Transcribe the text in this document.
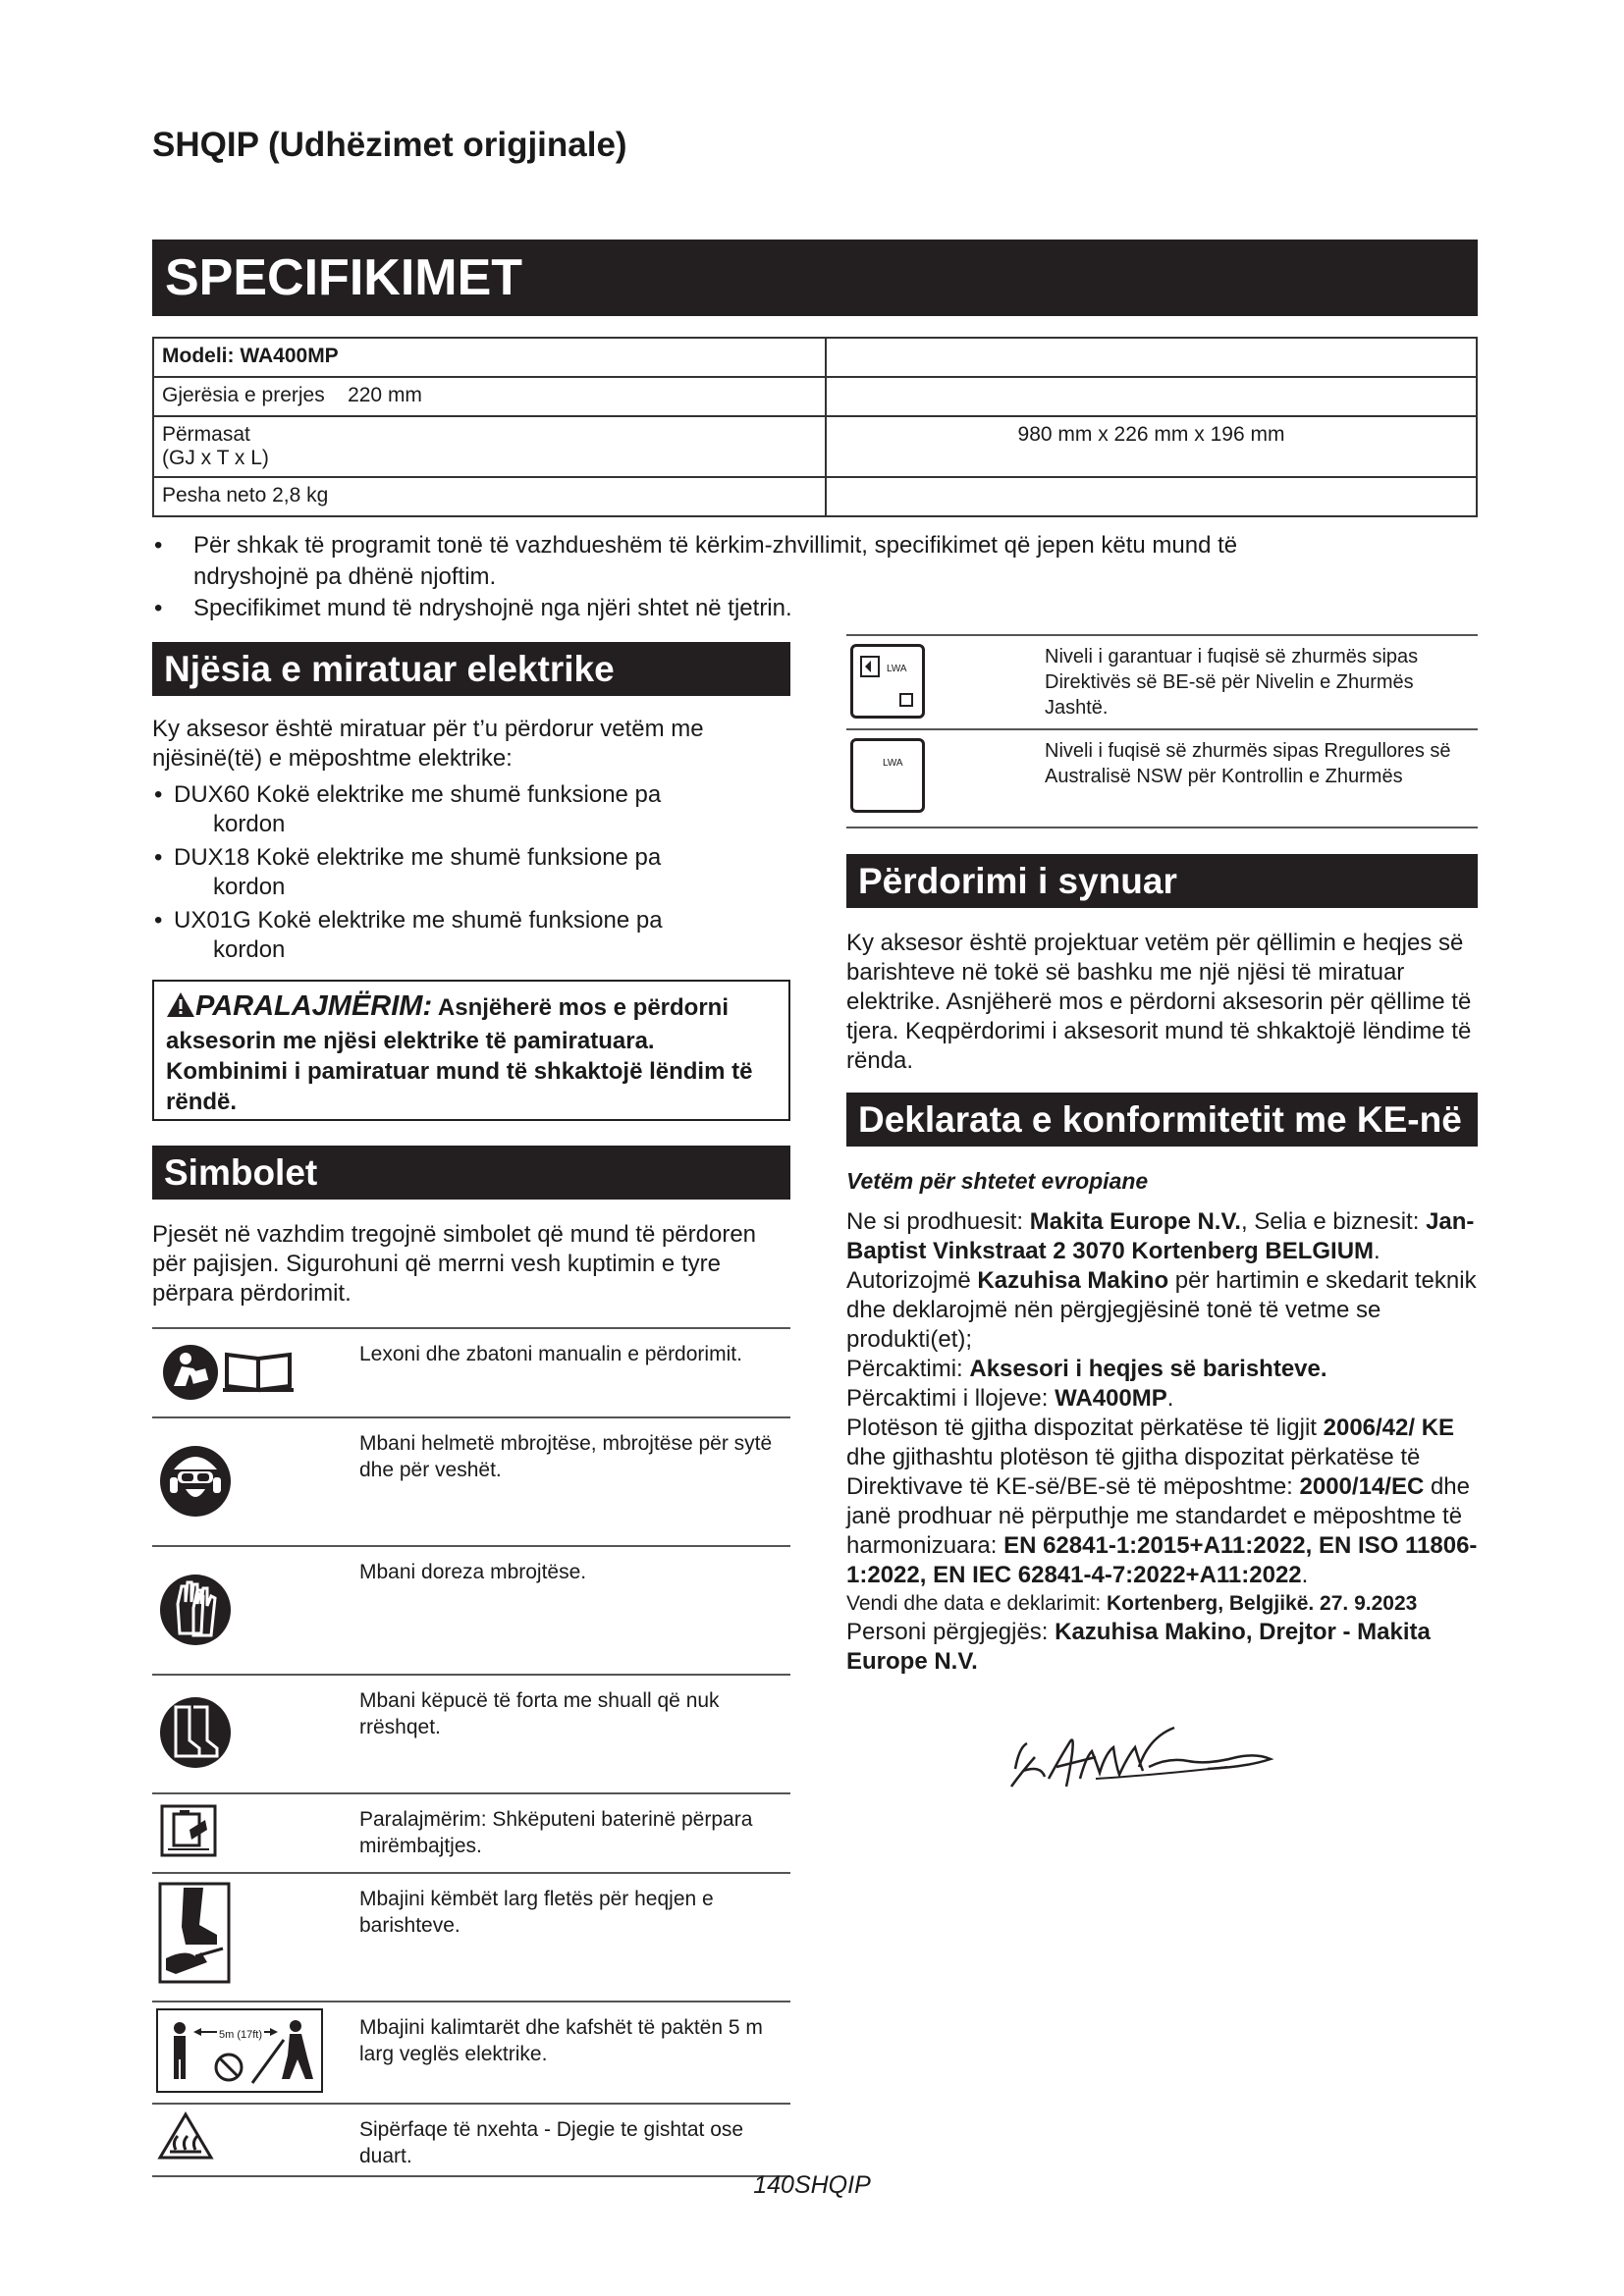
SHQIP (Udhëzimet origjinale)
SPECIFIKIMET
Modeli: WA400MP	
Gjerësia e prerjes    220 mm	

Përmasat
(GJ x T x L)	980 mm x 226 mm x 196 mm
Pesha neto 2,8 kg	
• Për shkak të programit tonë të vazhdueshëm të kërkim-zhvillimit, specifikimet që jepen këtu mund të
ndryshojnë pa dhënë njoftim.
• Specifikimet mund të ndryshojnë nga njëri shtet në tjetrin.
Njësia e miratuar elektrike
Ky aksesor është miratuar për t’u përdorur vetëm me njësinë(të) e mëposhtme elektrike:
• DUX60 Kokë elektrike me shumë funksione pa
kordon
• DUX18 Kokë elektrike me shumë funksione pa
kordon
• UX01G Kokë elektrike me shumë funksione pa
kordon
PARALAJMËRIM: Asnjëherë mos e përdorni aksesorin me njësi elektrike të pamiratuara. Kombinimi i pamiratuar mund të shkaktojë lëndim të rëndë.
Simbolet
Pjesët në vazhdim tregojnë simbolet që mund të përdoren për pajisjen. Sigurohuni që merrni vesh kuptimin e tyre përpara përdorimit.
	Lexoni dhe zbatoni manualin e përdorimit.
	Mbani helmetë mbrojtëse, mbrojtëse për sytë dhe për veshët.
	Mbani doreza mbrojtëse.
	Mbani këpucë të forta me shuall që nuk rrëshqet.
	Paralajmërim: Shkëputeni baterinë përpara mirëmbajtjes.
	Mbajini këmbët larg fletës për heqjen e barishteve.

5m (17ft)	Mbajini kalimtarët dhe kafshët të paktën 5 m larg veglës elektrike.
	Sipërfaqe të nxehta - Djegie te gishtat ose duart.
LWA	Niveli i garantuar i fuqisë së zhurmës sipas Direktivës së BE-së për Nivelin e Zhurmës Jashtë.

LWA	Niveli i fuqisë së zhurmës sipas Rregullores së Australisë NSW për Kontrollin e Zhurmës
Përdorimi i synuar
Ky aksesor është projektuar vetëm për qëllimin e heqjes së barishteve në tokë së bashku me një njësi të miratuar elektrike. Asnjëherë mos e përdorni aksesorin për qëllime të tjera. Keqpërdorimi i aksesorit mund të shkaktojë lëndime të rënda.
Deklarata e konformitetit me KE-në
Vetëm për shtetet evropiane
Ne si prodhuesit: Makita Europe N.V., Selia e biznesit: Jan-Baptist Vinkstraat 2 3070 Kortenberg BELGIUM.
Autorizojmë Kazuhisa Makino për hartimin e skedarit teknik dhe deklarojmë nën përgjegjësinë tonë të vetme se produkti(et);
Përcaktimi: Aksesori i heqjes së barishteve.
Përcaktimi i llojeve: WA400MP.
Plotëson të gjitha dispozitat përkatëse të ligjit 2006/42/ KE dhe gjithashtu plotëson të gjitha dispozitat përkatëse të Direktivave të KE-së/BE-së të mëposhtme: 2000/14/EC dhe janë prodhuar në përputhje me standardet e mëposhtme të harmonizuara: EN 62841-1:2015+A11:2022, EN ISO 11806-1:2022, EN IEC 62841-4-7:2022+A11:2022.
Vendi dhe data e deklarimit: Kortenberg, Belgjikë. 27. 9.2023
Personi përgjegjës: Kazuhisa Makino, Drejtor - Makita Europe N.V.
140SHQIP
